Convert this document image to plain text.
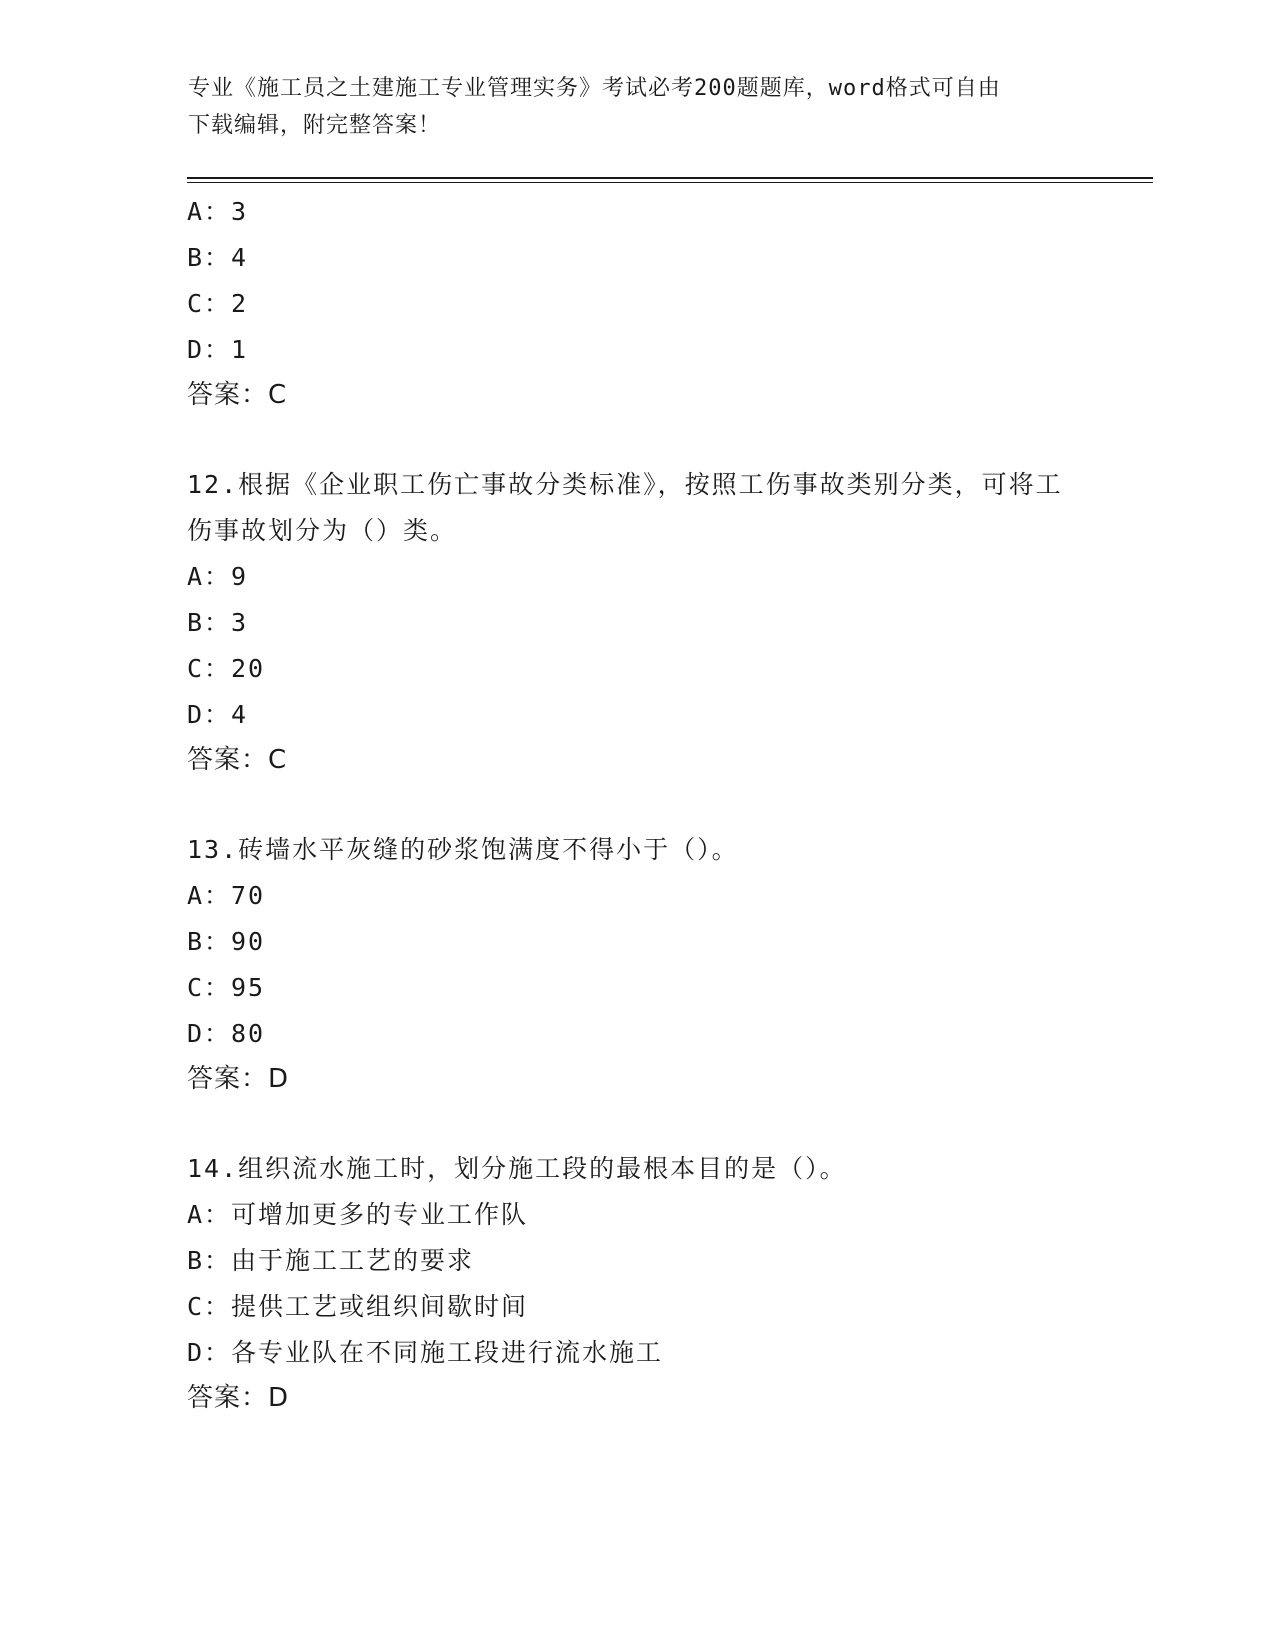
专业《施工员之土建施工专业管理实务》考试必考200题题库，word格式可自由
下载编辑，附完整答案！
A：3
B：4
C：2
D：1
答案：C
12.根据《企业职工伤亡事故分类标准》，按照工伤事故类别分类，可将工伤事故划分为（）类。
A：9
B：3
C：20
D：4
答案：C
13.砖墙水平灰缝的砂浆饱满度不得小于（）。
A：70
B：90
C：95
D：80
答案：D
14.组织流水施工时，划分施工段的最根本目的是（）。
A：可增加更多的专业工作队
B：由于施工工艺的要求
C：提供工艺或组织间歇时间
D：各专业队在不同施工段进行流水施工
答案：D
